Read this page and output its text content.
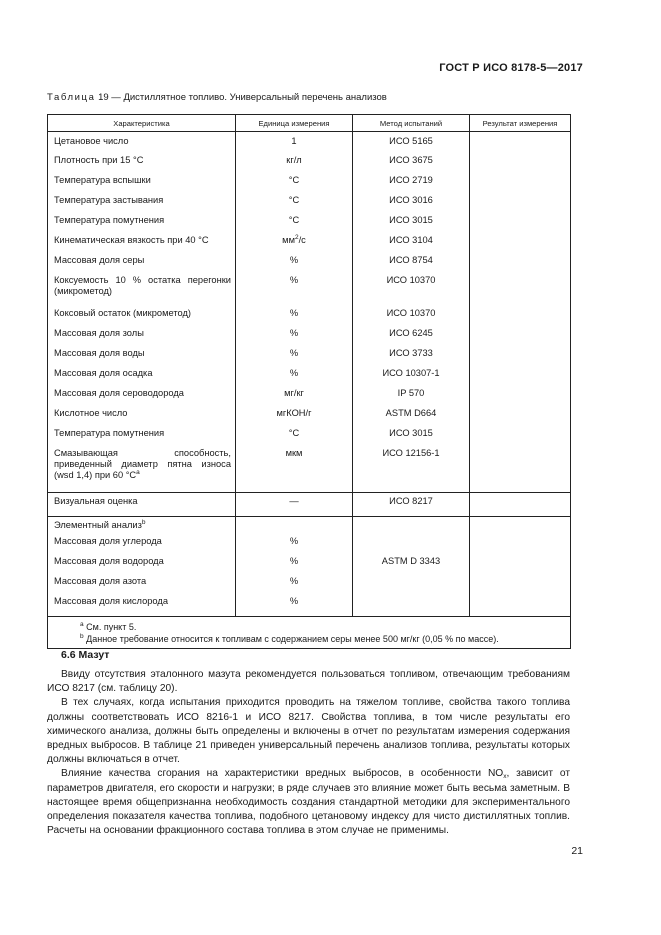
ГОСТ Р ИСО 8178-5—2017
Таблица 19 — Дистиллятное топливо. Универсальный перечень анализов
Характеристика	Единица измерения	Метод испытаний	Результат измерения
Цетановое число	1	ИСО 5165	
Плотность при 15 °С	кг/л	ИСО 3675	
Температура вспышки	°С	ИСО 2719	
Температура застывания	°С	ИСО 3016	
Температура помутнения	°С	ИСО 3015	
Кинематическая вязкость при 40 °С	$мм^2/с$	ИСО 3104	
Массовая доля серы	%	ИСО 8754	
Коксуемость 10 % остатка перегонки (микрометод)	%	ИСО 10370	
Коксовый остаток (микрометод)	%	ИСО 10370	
Массовая доля золы	%	ИСО 6245	
Массовая доля воды	%	ИСО 3733	
Массовая доля осадка	%	ИСО 10307-1	
Массовая доля сероводорода	мг/кг	IP 570	
Кислотное число	мгКОН/г	ASTM D664	
Температура помутнения	°С	ИСО 3015	
Смазывающая способность, приведенный диаметр пятна износа (wsd 1,4) при 60 $^\circ С^a$	мкм	ИСО 12156-1	
Визуальная оценка	—	ИСО 8217	
Элементный анализ$^b$			
Массовая доля углерода	%		
Массовая доля водорода	%	ASTM D 3343	
Массовая доля азота	%		
Массовая доля кислорода	%		

$^a$ См. пункт 5.
$^b$ Данное требование относится к топливам с содержанием серы менее 500 мг/кг (0,05 % по массе).			
6.6 Мазут

Ввиду отсутствия эталонного мазута рекомендуется пользоваться топливом, отвечающим требованиям ИСО 8217 (см. таблицу 20).

В тех случаях, когда испытания приходится проводить на тяжелом топливе, свойства такого топлива должны соответствовать ИСО 8216-1 и ИСО 8217. Свойства топлива, в том числе результаты его химического анализа, должны быть определены и включены в отчет по результатам измерения содержания вредных выбросов. В таблице 21 приведен универсальный перечень анализов топлива, результаты которых должны включаться в отчет.

Влияние качества сгорания на характеристики вредных выбросов, в особенности $NO_x$, зависит от параметров двигателя, его скорости и нагрузки; в ряде случаев это влияние может быть весьма заметным. В настоящее время общепризнанна необходимость создания стандартной методики для экспериментального определения показателя качества топлива, подобного цетановому индексу для чисто дистиллятных топлив. Расчеты на основании фракционного состава топлива в этом случае не применимы.

21
